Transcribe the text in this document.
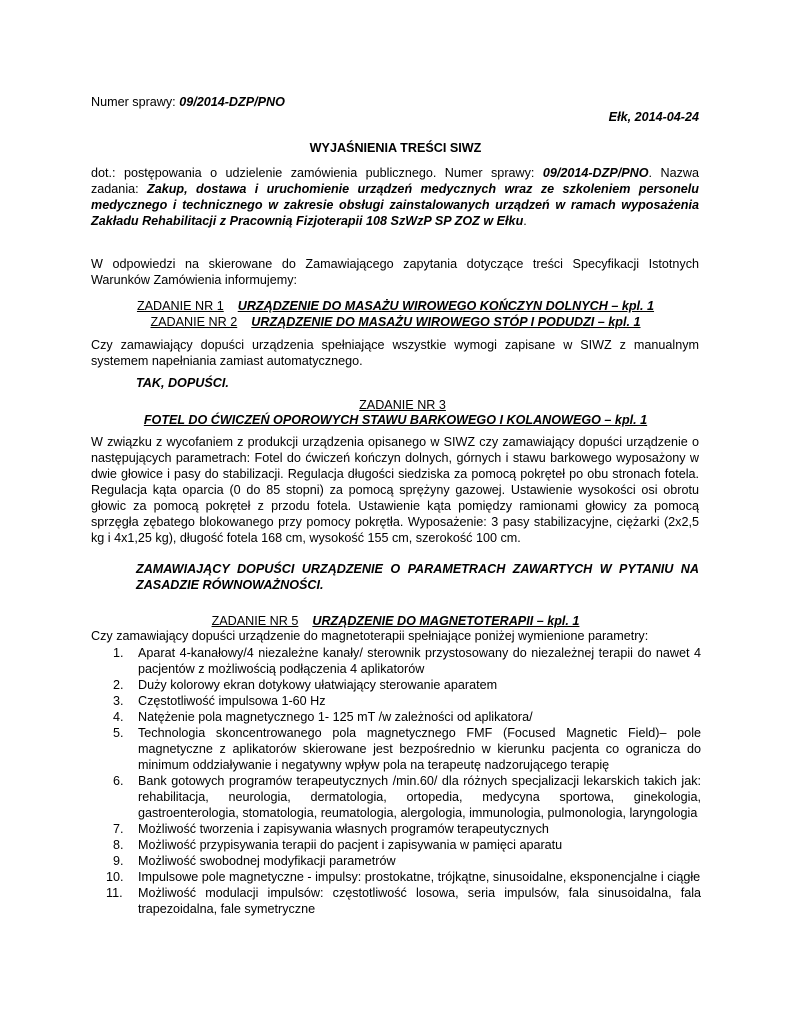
Numer sprawy: 09/2014-DZP/PNO
Ełk, 2014-04-24
WYJAŚNIENIA TREŚCI SIWZ
dot.: postępowania o udzielenie zamówienia publicznego. Numer sprawy: 09/2014-DZP/PNO. Nazwa zadania: Zakup, dostawa i uruchomienie urządzeń medycznych wraz ze szkoleniem personelu medycznego i technicznego w zakresie obsługi zainstalowanych urządzeń w ramach wyposażenia Zakładu Rehabilitacji z Pracownią Fizjoterapii 108 SzWzP SP ZOZ w Ełku.
W odpowiedzi na skierowane do Zamawiającego zapytania dotyczące treści Specyfikacji Istotnych Warunków Zamówienia informujemy:
ZADANIE NR 1 URZĄDZENIE DO MASAŻU WIROWEGO KOŃCZYN DOLNYCH – kpl. 1
ZADANIE NR 2 URZĄDZENIE DO MASAŻU WIROWEGO STÓP I PODUDZI – kpl. 1
Czy zamawiający dopuści urządzenia spełniające wszystkie wymogi zapisane w SIWZ z manualnym systemem napełniania zamiast automatycznego.
TAK, DOPUŚCI.
ZADANIE NR 3
FOTEL DO ĆWICZEŃ OPOROWYCH STAWU BARKOWEGO I KOLANOWEGO – kpl. 1
W związku z wycofaniem z produkcji urządzenia opisanego w SIWZ czy zamawiający dopuści urządzenie o następujących parametrach: Fotel do ćwiczeń kończyn dolnych, górnych i stawu barkowego wyposażony w dwie głowice i pasy do stabilizacji. Regulacja długości siedziska za pomocą pokręteł po obu stronach fotela. Regulacja kąta oparcia (0 do 85 stopni) za pomocą sprężyny gazowej. Ustawienie wysokości osi obrotu głowic za pomocą pokręteł z przodu fotela. Ustawienie kąta pomiędzy ramionami głowicy za pomocą sprzęgła zębatego blokowanego przy pomocy pokrętła. Wyposażenie: 3 pasy stabilizacyjne, ciężarki (2x2,5 kg i 4x1,25 kg), długość fotela 168 cm, wysokość 155 cm, szerokość 100 cm.
ZAMAWIAJĄCY DOPUŚCI URZĄDZENIE O PARAMETRACH ZAWARTYCH W PYTANIU NA ZASADZIE RÓWNOWAŻNOŚCI.
ZADANIE NR 5 URZĄDZENIE DO MAGNETOTERAPII – kpl. 1
Czy zamawiający dopuści urządzenie do magnetoterapii spełniające poniżej wymienione parametry:
1. Aparat 4-kanałowy/4 niezależne kanały/ sterownik przystosowany do niezależnej terapii do nawet 4 pacjentów z możliwością podłączenia 4 aplikatorów
2. Duży kolorowy ekran dotykowy ułatwiający sterowanie aparatem
3. Częstotliwość impulsowa 1-60 Hz
4. Natężenie pola magnetycznego 1- 125 mT /w zależności od aplikatora/
5. Technologia skoncentrowanego pola magnetycznego FMF (Focused Magnetic Field)– pole magnetyczne z aplikatorów skierowane jest bezpośrednio w kierunku pacjenta co ogranicza do minimum oddziaływanie i negatywny wpływ pola na terapeutę nadzorującego terapię
6. Bank gotowych programów terapeutycznych /min.60/ dla różnych specjalizacji lekarskich takich jak: rehabilitacja, neurologia, dermatologia, ortopedia, medycyna sportowa, ginekologia, gastroenterologia, stomatologia, reumatologia, alergologia, immunologia, pulmonologia, laryngologia
7. Możliwość tworzenia i zapisywania własnych programów terapeutycznych
8. Możliwość przypisywania terapii do pacjent i zapisywania w pamięci aparatu
9. Możliwość swobodnej modyfikacji parametrów
10. Impulsowe pole magnetyczne - impulsy: prostokatne, trójkątne, sinusoidalne, eksponencjalne i ciągłe
11. Możliwość modulacji impulsów: częstotliwość losowa, seria impulsów, fala sinusoidalna, fala trapezoidalna, fale symetryczne
